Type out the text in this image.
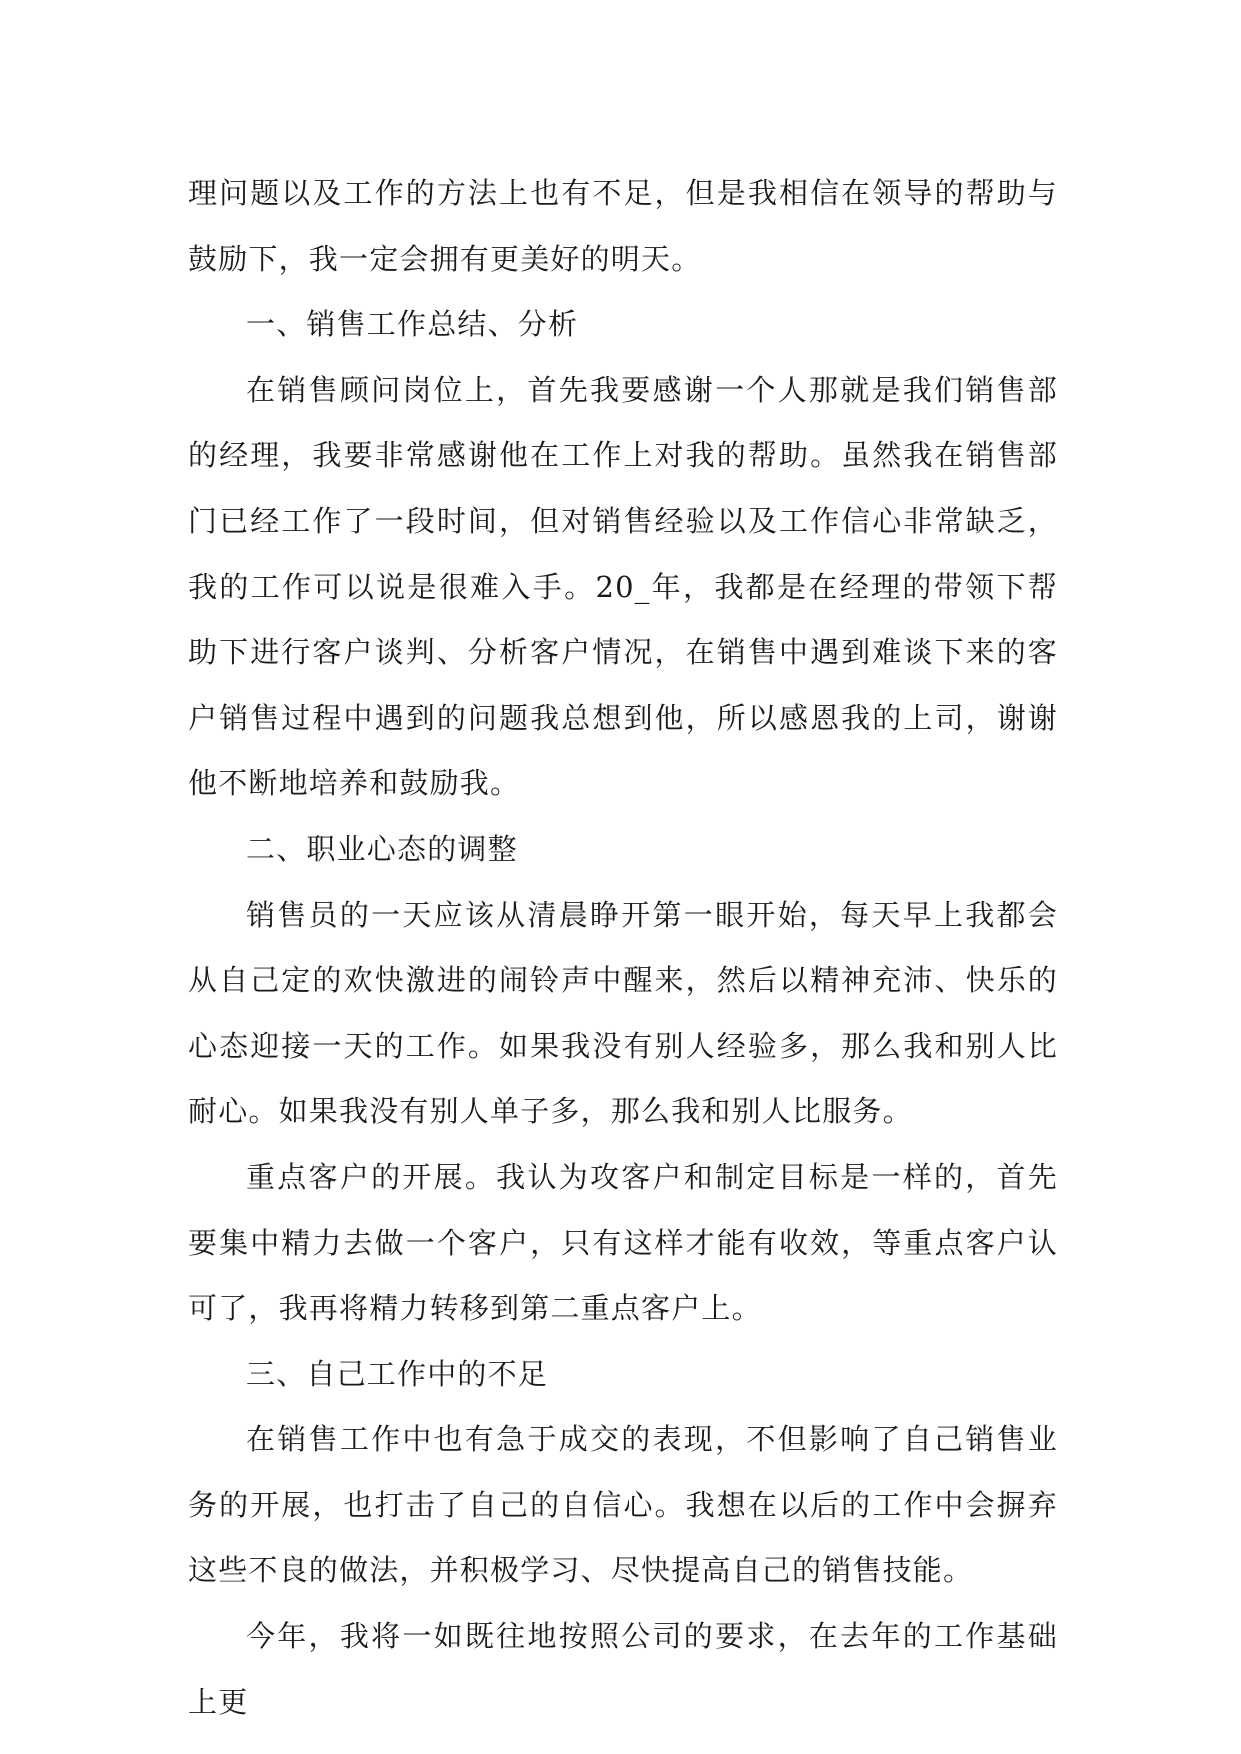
理问题以及工作的方法上也有不足，但是我相信在领导的帮助与鼓励下，我一定会拥有更美好的明天。

一、销售工作总结、分析

在销售顾问岗位上，首先我要感谢一个人那就是我们销售部的经理，我要非常感谢他在工作上对我的帮助。虽然我在销售部门已经工作了一段时间，但对销售经验以及工作信心非常缺乏，我的工作可以说是很难入手。20_年，我都是在经理的带领下帮助下进行客户谈判、分析客户情况，在销售中遇到难谈下来的客户销售过程中遇到的问题我总想到他，所以感恩我的上司，谢谢他不断地培养和鼓励我。

二、职业心态的调整

销售员的一天应该从清晨睁开第一眼开始，每天早上我都会从自己定的欢快激进的闹铃声中醒来，然后以精神充沛、快乐的心态迎接一天的工作。如果我没有别人经验多，那么我和别人比耐心。如果我没有别人单子多，那么我和别人比服务。

重点客户的开展。我认为攻客户和制定目标是一样的，首先要集中精力去做一个客户，只有这样才能有收效，等重点客户认可了，我再将精力转移到第二重点客户上。

三、自己工作中的不足

在销售工作中也有急于成交的表现，不但影响了自己销售业务的开展，也打击了自己的自信心。我想在以后的工作中会摒弃这些不良的做法，并积极学习、尽快提高自己的销售技能。

今年，我将一如既往地按照公司的要求，在去年的工作基础上更
